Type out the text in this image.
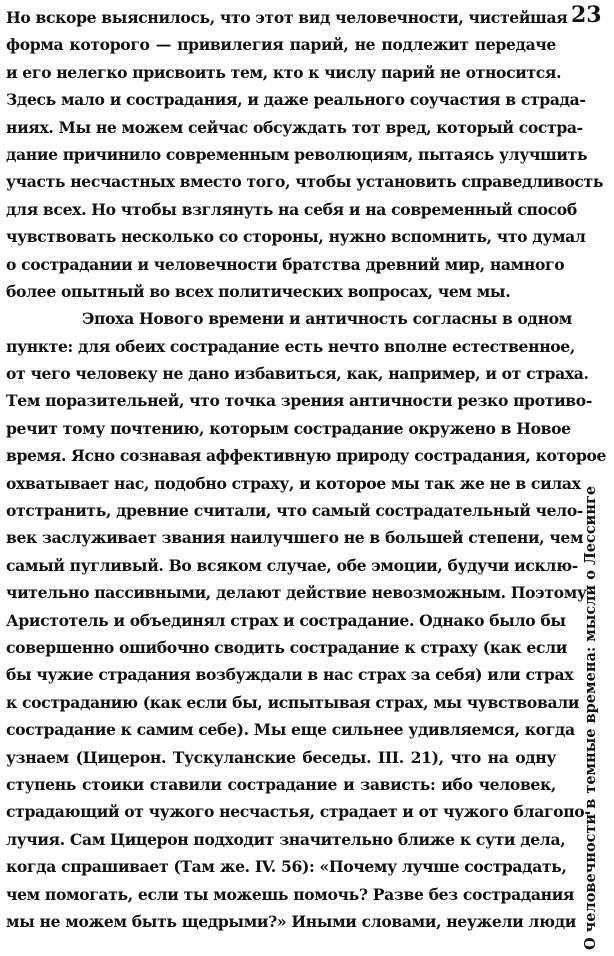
23
О человечности в темные времена: мысли о Лессинге
Но вскоре выяснилось, что этот вид человечности, чистейшая
форма которого — привилегия парий, не подлежит передаче
и его нелегко присвоить тем, кто к числу парий не относится.
Здесь мало и сострадания, и даже реального соучастия в страда-
ниях. Мы не можем сейчас обсуждать тот вред, который состра-
дание причинило современным революциям, пытаясь улучшить
участь несчастных вместо того, чтобы установить справедливость
для всех. Но чтобы взглянуть на себя и на современный способ
чувствовать несколько со стороны, нужно вспомнить, что думал
о сострадании и человечности братства древний мир, намного
более опытный во всех политических вопросах, чем мы.
Эпоха Нового времени и античность согласны в одном
пункте: для обеих сострадание есть нечто вполне естественное,
от чего человеку не дано избавиться, как, например, и от страха.
Тем поразительней, что точка зрения античности резко противо-
речит тому почтению, которым сострадание окружено в Новое
время. Ясно сознавая аффективную природу сострадания, которое
охватывает нас, подобно страху, и которое мы так же не в силах
отстранить, древние считали, что самый сострадательный чело-
век заслуживает звания наилучшего не в большей степени, чем
самый пугливый. Во всяком случае, обе эмоции, будучи исклю-
чительно пассивными, делают действие невозможным. Поэтому
Аристотель и объединял страх и сострадание. Однако было бы
совершенно ошибочно сводить сострадание к страху (как если
бы чужие страдания возбуждали в нас страх за себя) или страх
к состраданию (как если бы, испытывая страх, мы чувствовали
сострадание к самим себе). Мы еще сильнее удивляемся, когда
узнаем (Цицерон. Тускуланские беседы. III. 21), что на одну
ступень стоики ставили сострадание и зависть: ибо человек,
страдающий от чужого несчастья, страдает и от чужого благопо-
лучия. Сам Цицерон подходит значительно ближе к сути дела,
когда спрашивает (Там же. IV. 56): «Почему лучше сострадать,
чем помогать, если ты можешь помочь? Разве без сострадания
мы не можем быть щедрыми?» Иными словами, неужели люди
